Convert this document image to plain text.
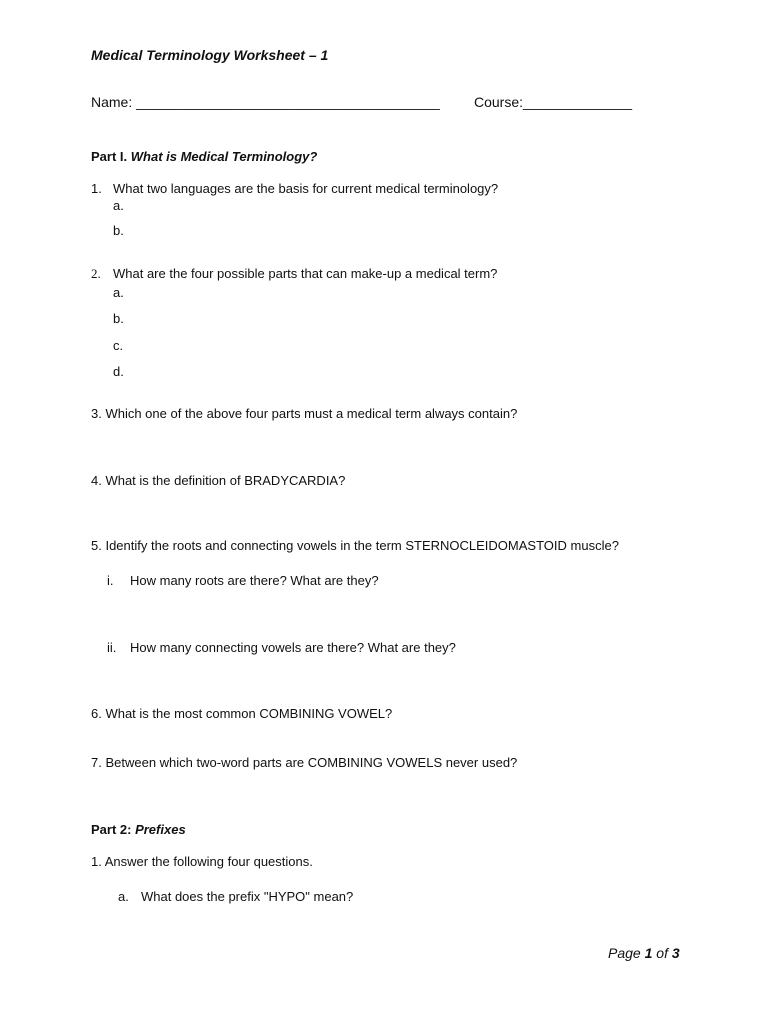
Medical Terminology Worksheet – 1
Name: _______________________________________ Course:______________
Part I. What is Medical Terminology?
1. What two languages are the basis for current medical terminology?
a.
b.
2. What are the four possible parts that can make-up a medical term?
a.
b.
c.
d.
3. Which one of the above four parts must a medical term always contain?
4. What is the definition of BRADYCARDIA?
5. Identify the roots and connecting vowels in the term STERNOCLEIDOMASTOID muscle?
i. How many roots are there? What are they?
ii. How many connecting vowels are there? What are they?
6. What is the most common COMBINING VOWEL?
7. Between which two-word parts are COMBINING VOWELS never used?
Part 2: Prefixes
1. Answer the following four questions.
a. What does the prefix "HYPO" mean?
Page 1 of 3
